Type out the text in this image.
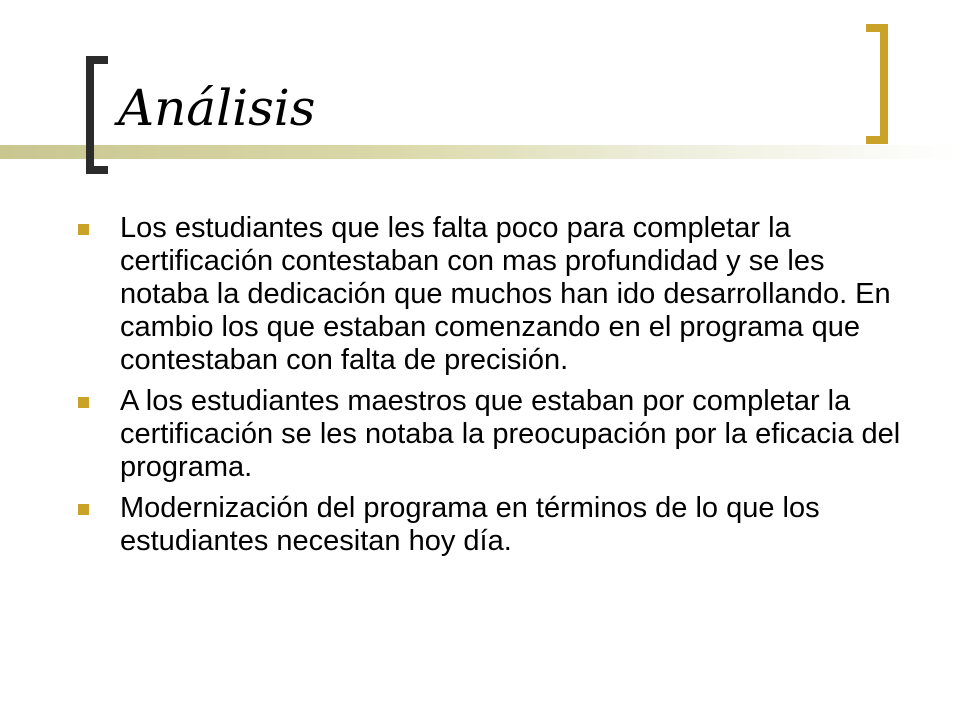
Análisis
Los estudiantes que les falta poco para completar la certificación contestaban con mas profundidad y se les notaba la dedicación que muchos han ido desarrollando. En cambio los que estaban comenzando en el programa que contestaban con falta de precisión.
A los estudiantes maestros que estaban por completar la certificación se les notaba la preocupación por la eficacia del programa.
Modernización del programa en términos de lo que los estudiantes necesitan hoy día.
